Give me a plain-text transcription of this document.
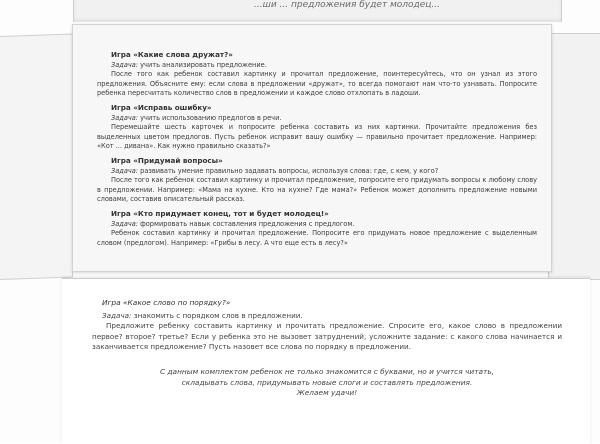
...ши ... предложения будет молодец...
Игра «Какие слова дружат?»
Задача: учить анализировать предложение.

После того как ребенок составил картинку и прочитал предложение, поинтересуйтесь, что он узнал из этого предложения. Объясните ему: если слова в предложении «дружат», то всегда помогают нам что-то узнавать. Попросите ребенка пересчитать количество слов в предложении и каждое слово отхлопать в ладоши.

Игра «Исправь ошибку»
Задача: учить использованию предлогов в речи.

Перемешайте шесть карточек и попросите ребенка составить из них картинки. Прочитайте предложения без выделенных цветом предлогов. Пусть ребенок исправит вашу ошибку — правильно прочитает предложение. Например: «Кот ... дивана». Как нужно правильно сказать?»

Игра «Придумай вопросы»
Задача: развивать умение правильно задавать вопросы, используя слова: где, с кем, у кого?

После того как ребенок составил картинку и прочитал предложение, попросите его придумать вопросы к любому слову в предложении. Например: «Мама на кухне. Кто на кухне? Где мама?» Ребенок может дополнить предложение новыми словами, составив описательный рассказ.

Игра «Кто придумает конец, тот и будет молодец!»
Задача: формировать навык составления предложения с предлогом.

Ребенок составил картинку и прочитал предложение. Попросите его придумать новое предложение с выделенным словом (предлогом). Например: «Грибы в лесу. А что еще есть в лесу?»

Игра «Какое слово по порядку?»
Задача: знакомить с порядком слов в предложении.

Предложите ребенку составить картинку и прочитать предложение. Спросите его, какое слово в предложении первое? второе? третье? Если у ребенка это не вызовет затруднений, усложните задание: с какого слова начинается и заканчивается предложение? Пусть назовет все слова по порядку в предложении.

С данным комплектом ребенок не только знакомится с буквами, но и учится читать,
складывать слова, придумывать новые слоги и составлять предложения.
Желаем удачи!
